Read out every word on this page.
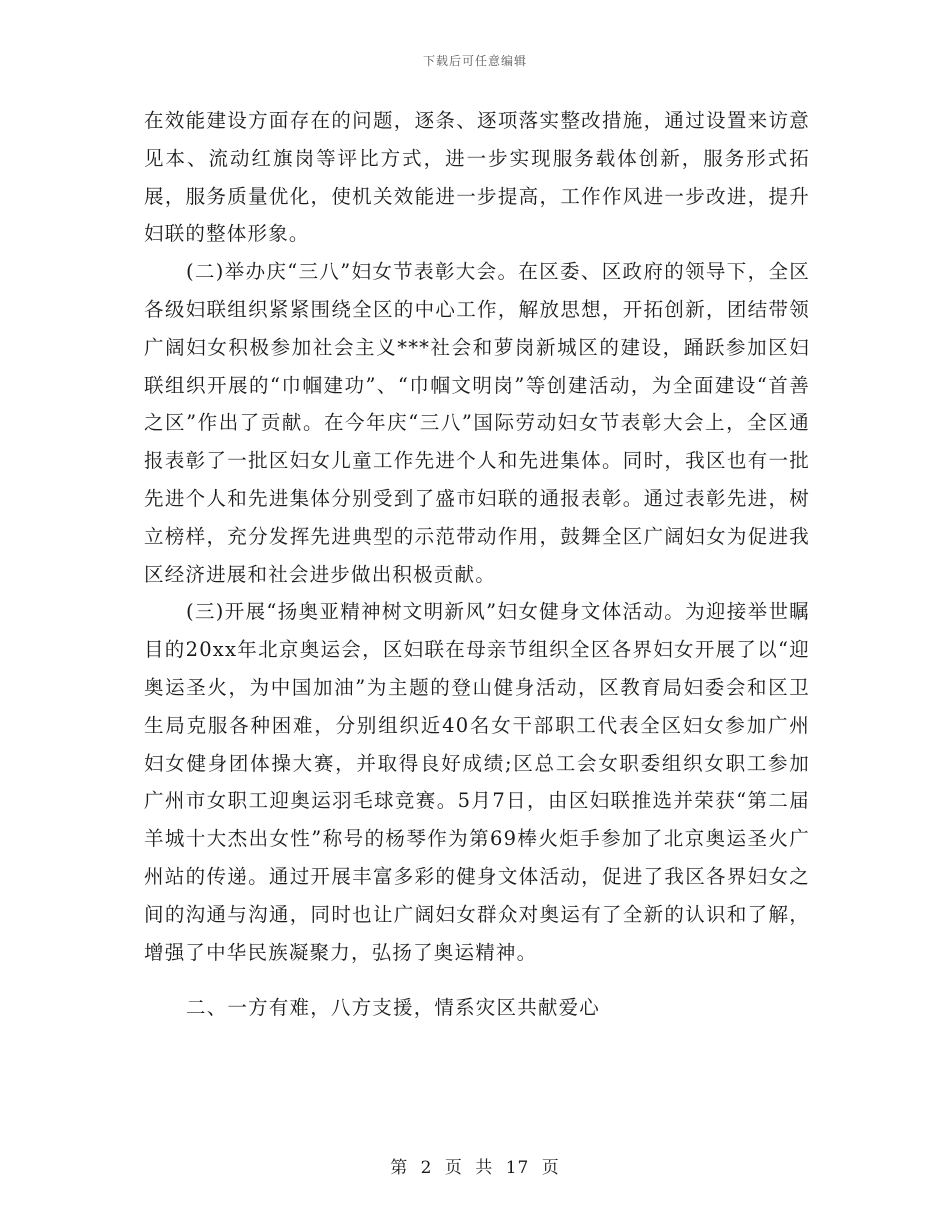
下载后可任意编辑

在效能建设方面存在的问题，逐条、逐项落实整改措施，通过设置来访意见本、流动红旗岗等评比方式，进一步实现服务载体创新，服务形式拓展，服务质量优化，使机关效能进一步提高，工作作风进一步改进，提升妇联的整体形象。

(二)举办庆“三八”妇女节表彰大会。在区委、区政府的领导下，全区各级妇联组织紧紧围绕全区的中心工作，解放思想，开拓创新，团结带领广阔妇女积极参加社会主义***社会和萝岗新城区的建设，踊跃参加区妇联组织开展的“巾帼建功”、“巾帼文明岗”等创建活动，为全面建设“首善之区”作出了贡献。在今年庆“三八”国际劳动妇女节表彰大会上，全区通报表彰了一批区妇女儿童工作先进个人和先进集体。同时，我区也有一批先进个人和先进集体分别受到了盛市妇联的通报表彰。通过表彰先进，树立榜样，充分发挥先进典型的示范带动作用，鼓舞全区广阔妇女为促进我区经济进展和社会进步做出积极贡献。

(三)开展“扬奥亚精神树文明新风”妇女健身文体活动。为迎接举世瞩目的20xx年北京奥运会，区妇联在母亲节组织全区各界妇女开展了以“迎奥运圣火，为中国加油”为主题的登山健身活动，区教育局妇委会和区卫生局克服各种困难，分别组织近40名女干部职工代表全区妇女参加广州妇女健身团体操大赛，并取得良好成绩;区总工会女职委组织女职工参加广州市女职工迎奥运羽毛球竞赛。5月7日，由区妇联推选并荣获“第二届羊城十大杰出女性”称号的杨琴作为第69棒火炬手参加了北京奥运圣火广州站的传递。通过开展丰富多彩的健身文体活动，促进了我区各界妇女之间的沟通与沟通，同时也让广阔妇女群众对奥运有了全新的认识和了解，增强了中华民族凝聚力，弘扬了奥运精神。

二、一方有难，八方支援，情系灾区共献爱心

第 2 页 共 17 页
